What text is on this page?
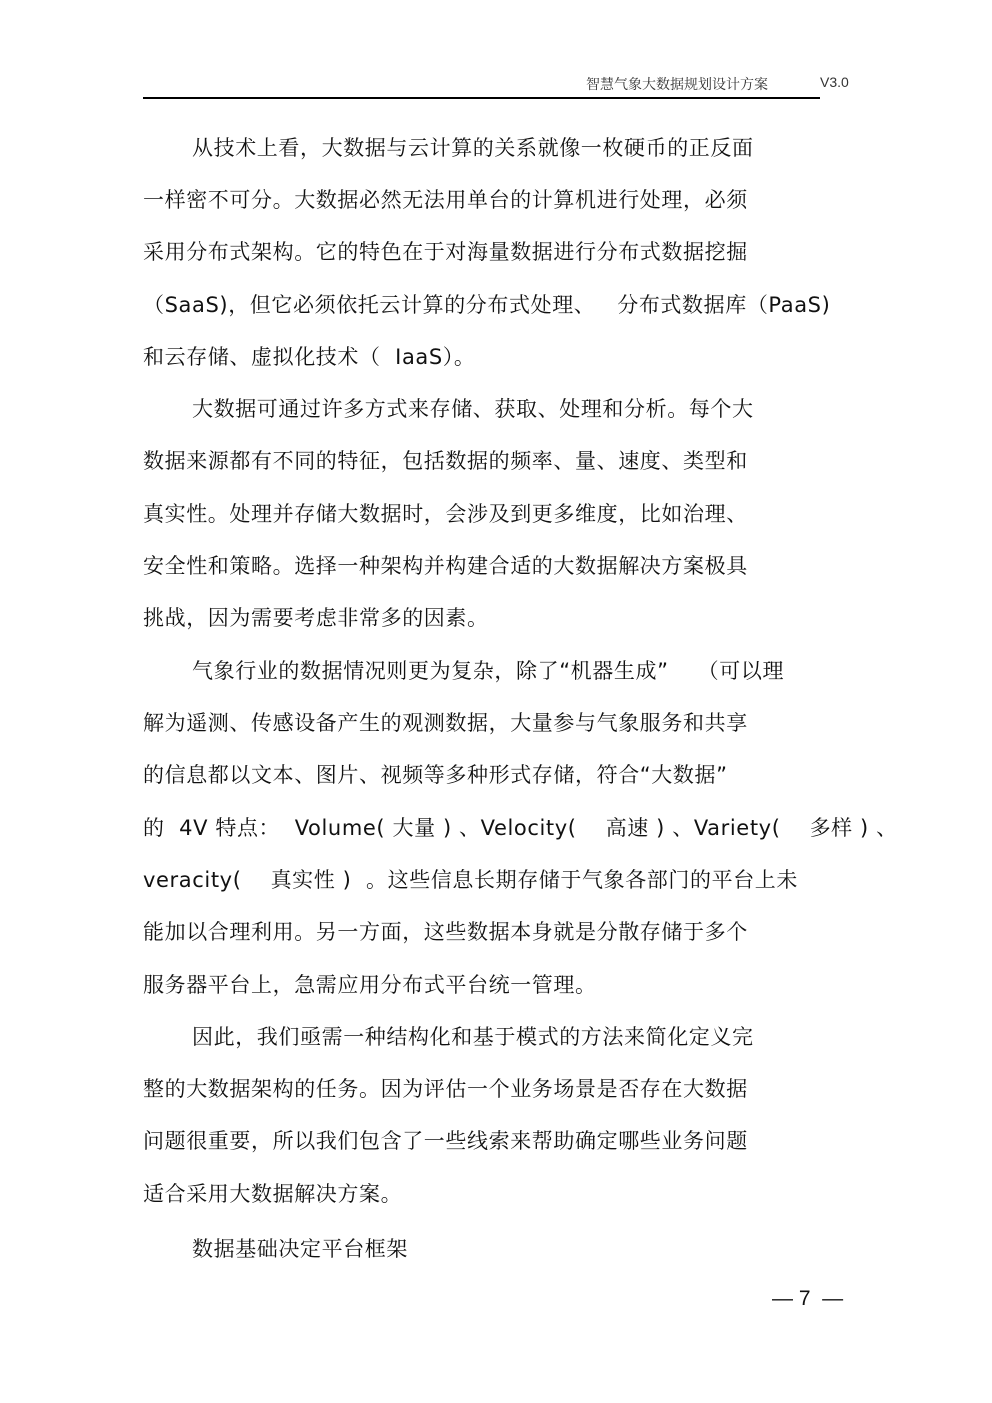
智慧气象大数据规划设计方案	V3.0
从技术上看，大数据与云计算的关系就像一枚硬币的正反面
一样密不可分。大数据必然无法用单台的计算机进行处理，必须
采用分布式架构。它的特色在于对海量数据进行分布式数据挖掘
（SaaS)，但它必须依托云计算的分布式处理、   分布式数据库（PaaS)
和云存储、虚拟化技术（  IaaS）。
大数据可通过许多方式来存储、获取、处理和分析。每个大
数据来源都有不同的特征，包括数据的频率、量、速度、类型和
真实性。处理并存储大数据时，会涉及到更多维度，比如治理、
安全性和策略。选择一种架构并构建合适的大数据解决方案极具
挑战，因为需要考虑非常多的因素。
气象行业的数据情况则更为复杂，除了“机器生成”    （可以理
解为遥测、传感设备产生的观测数据，大量参与气象服务和共享
的信息都以文本、图片、视频等多种形式存储，符合“大数据”
的  4V 特点：  Volume( 大量 ) 、Velocity(    高速 ) 、Variety(    多样 ) 、
veracity(    真实性 )  。这些信息长期存储于气象各部门的平台上未
能加以合理利用。另一方面，这些数据本身就是分散存储于多个
服务器平台上，急需应用分布式平台统一管理。
因此，我们亟需一种结构化和基于模式的方法来简化定义完
整的大数据架构的任务。因为评估一个业务场景是否存在大数据
问题很重要，所以我们包含了一些线索来帮助确定哪些业务问题
适合采用大数据解决方案。
数据基础决定平台框架
— 7  —
